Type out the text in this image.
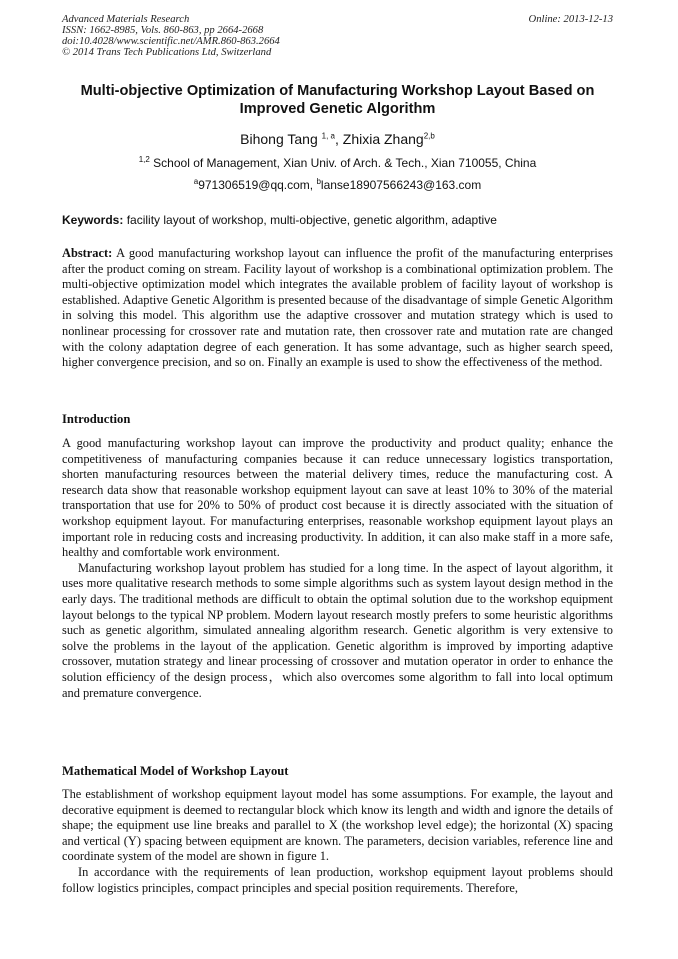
Advanced Materials Research
ISSN: 1662-8985, Vols. 860-863, pp 2664-2668
doi:10.4028/www.scientific.net/AMR.860-863.2664
© 2014 Trans Tech Publications Ltd, Switzerland
Online: 2013-12-13
Multi-objective Optimization of Manufacturing Workshop Layout Based on Improved Genetic Algorithm
Bihong Tang $^{1, a}$, Zhixia Zhang$^{2,b}$
$^{1,2}$ School of Management, Xian Univ. of Arch. & Tech., Xian 710055, China
$^a$971306519@qq.com, $^b$lanse18907566243@163.com
Keywords: facility layout of workshop, multi-objective, genetic algorithm, adaptive

Abstract: A good manufacturing workshop layout can influence the profit of the manufacturing enterprises after the product coming on stream. Facility layout of workshop is a combinational optimization problem. The multi-objective optimization model which integrates the available problem of facility layout of workshop is established. Adaptive Genetic Algorithm is presented because of the disadvantage of simple Genetic Algorithm in solving this model. This algorithm use the adaptive crossover and mutation strategy which is used to nonlinear processing for crossover rate and mutation rate, then crossover rate and mutation rate are changed with the colony adaptation degree of each generation. It has some advantage, such as higher search speed, higher convergence precision, and so on. Finally an example is used to show the effectiveness of the method.

Introduction

A good manufacturing workshop layout can improve the productivity and product quality; enhance the competitiveness of manufacturing companies because it can reduce unnecessary logistics transportation, shorten manufacturing resources between the material delivery times, reduce the manufacturing cost. A research data show that reasonable workshop equipment layout can save at least 10% to 30% of the material transportation that use for 20% to 50% of product cost because it is directly associated with the situation of workshop equipment layout. For manufacturing enterprises, reasonable workshop equipment layout plays an important role in reducing costs and increasing productivity. In addition, it can also make staff in a more safe, healthy and comfortable work environment.

Manufacturing workshop layout problem has studied for a long time. In the aspect of layout algorithm, it uses more qualitative research methods to some simple algorithms such as system layout design method in the early days. The traditional methods are difficult to obtain the optimal solution due to the workshop equipment layout belongs to the typical NP problem. Modern layout research mostly prefers to some heuristic algorithms such as genetic algorithm, simulated annealing algorithm research. Genetic algorithm is very extensive to solve the problems in the layout of the application. Genetic algorithm is improved by importing adaptive crossover, mutation strategy and linear processing of crossover and mutation operator in order to enhance the solution efficiency of the design process，which also overcomes some algorithm to fall into local optimum and premature convergence.

Mathematical Model of Workshop Layout

The establishment of workshop equipment layout model has some assumptions. For example, the layout and decorative equipment is deemed to rectangular block which know its length and width and ignore the details of shape; the equipment use line breaks and parallel to X (the workshop level edge); the horizontal (X) spacing and vertical (Y) spacing between equipment are known. The parameters, decision variables, reference line and coordinate system of the model are shown in figure 1.

In accordance with the requirements of lean production, workshop equipment layout problems should follow logistics principles, compact principles and special position requirements. Therefore,
